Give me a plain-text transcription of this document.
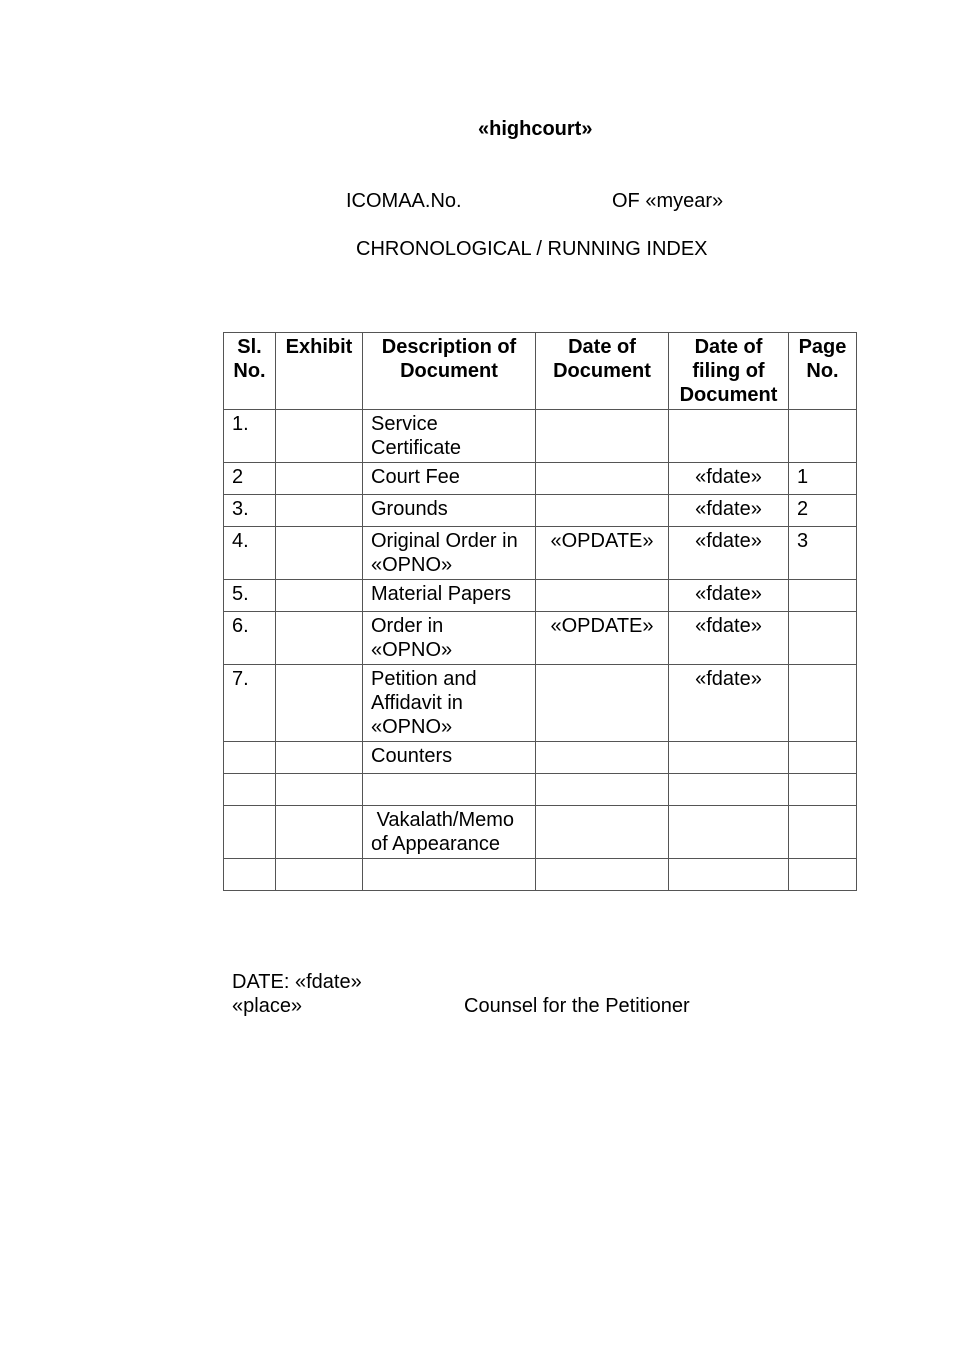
«highcourt»
ICOMAA.No.	OF «myear»
CHRONOLOGICAL / RUNNING INDEX
Sl. No.	Exhibit	Description of Document	Date of Document	Date of filing of Document	Page No.
1.		Service Certificate			
2		Court Fee		«fdate»	1
3.		Grounds		«fdate»	2
4.		Original Order in «OPNO»	«OPDATE»	«fdate»	3
5.		Material Papers		«fdate»	
6.		Order in «OPNO»	«OPDATE»	«fdate»	
7.		Petition and Affidavit in «OPNO»		«fdate»	
		Counters			

		Vakalath/Memo of Appearance			

DATE: «fdate»
«place»	Counsel for the Petitioner
